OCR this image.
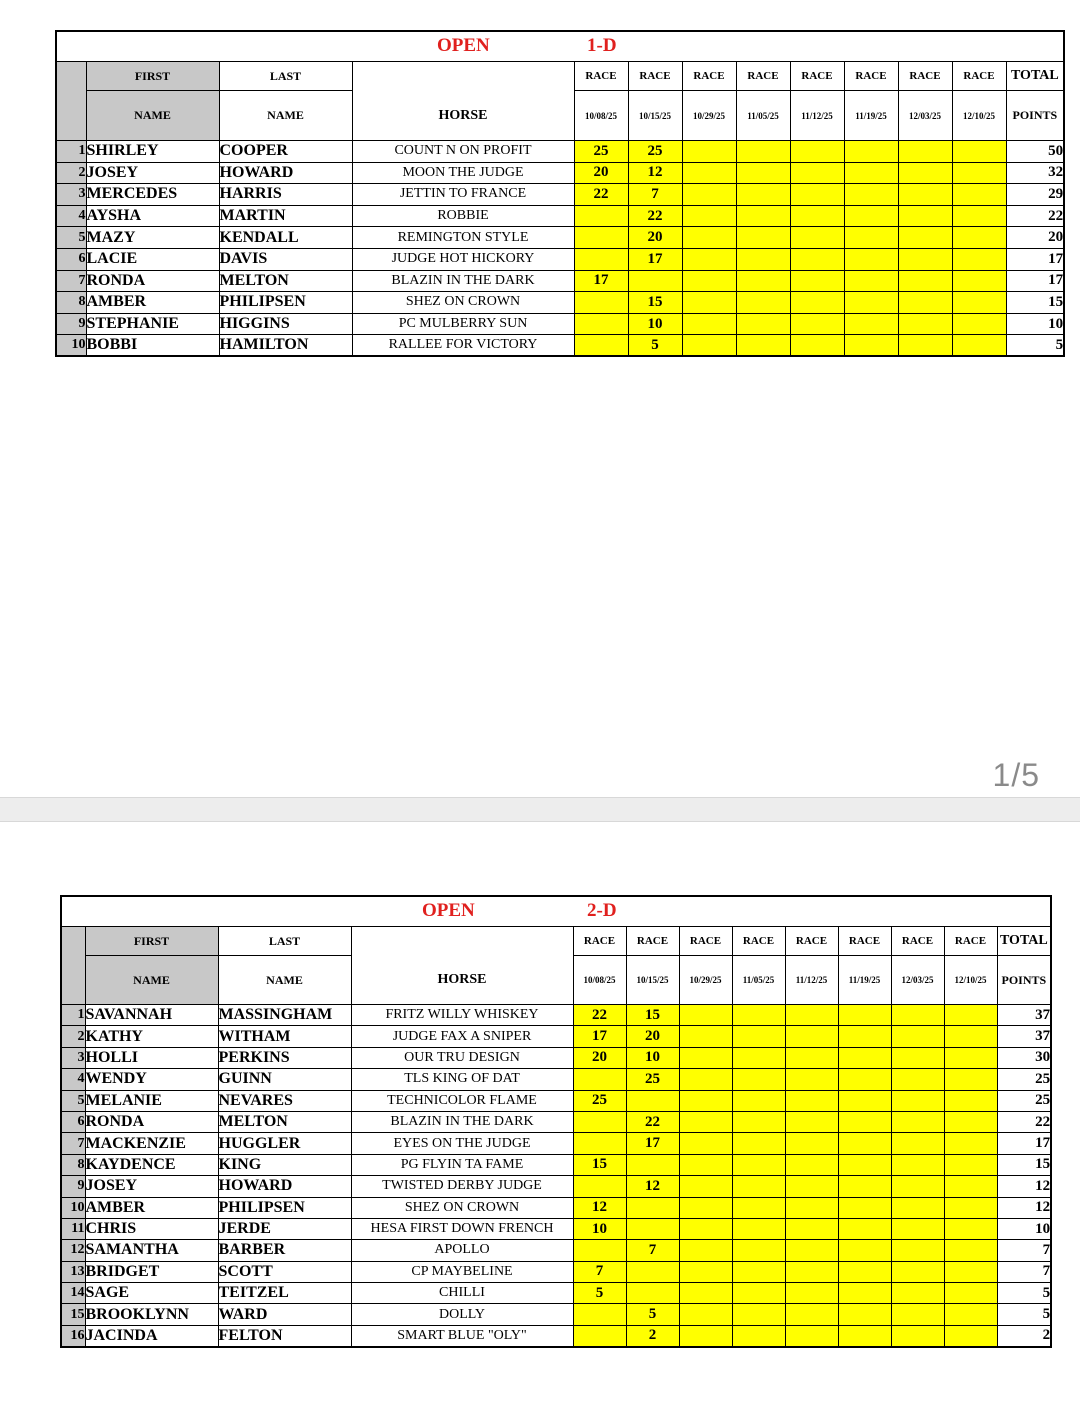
OPEN 1-D												

	FIRST	LAST	HORSE	RACE	RACE	RACE	RACE	RACE	RACE	RACE	RACE	TOTAL
	NAME	NAME		10/08/25	10/15/25	10/29/25	11/05/25	11/12/25	11/19/25	12/03/25	12/10/25	POINTS
1	SHIRLEY	COOPER	COUNT N ON PROFIT	25	25							50
2	JOSEY	HOWARD	MOON THE JUDGE	20	12							32
3	MERCEDES	HARRIS	JETTIN TO FRANCE	22	7							29
4	AYSHA	MARTIN	ROBBIE		22							22
5	MAZY	KENDALL	REMINGTON STYLE		20							20
6	LACIE	DAVIS	JUDGE HOT HICKORY		17							17
7	RONDA	MELTON	BLAZIN IN THE DARK	17								17
8	AMBER	PHILIPSEN	SHEZ ON CROWN		15							15
9	STEPHANIE	HIGGINS	PC MULBERRY SUN		10							10
10	BOBBI	HAMILTON	RALLEE FOR VICTORY		5							5
1/5
OPEN 2-D												

	FIRST	LAST	HORSE	RACE	RACE	RACE	RACE	RACE	RACE	RACE	RACE	TOTAL
	NAME	NAME		10/08/25	10/15/25	10/29/25	11/05/25	11/12/25	11/19/25	12/03/25	12/10/25	POINTS
1	SAVANNAH	MASSINGHAM	FRITZ WILLY WHISKEY	22	15							37
2	KATHY	WITHAM	JUDGE FAX A SNIPER	17	20							37
3	HOLLI	PERKINS	OUR TRU DESIGN	20	10							30
4	WENDY	GUINN	TLS KING OF DAT		25							25
5	MELANIE	NEVARES	TECHNICOLOR FLAME	25								25
6	RONDA	MELTON	BLAZIN IN THE DARK		22							22
7	MACKENZIE	HUGGLER	EYES ON THE JUDGE		17							17
8	KAYDENCE	KING	PG FLYIN TA FAME	15								15
9	JOSEY	HOWARD	TWISTED DERBY JUDGE		12							12
10	AMBER	PHILIPSEN	SHEZ ON CROWN	12								12
11	CHRIS	JERDE	HESA FIRST DOWN FRENCH	10								10
12	SAMANTHA	BARBER	APOLLO		7							7
13	BRIDGET	SCOTT	CP MAYBELINE	7								7
14	SAGE	TEITZEL	CHILLI	5								5
15	BROOKLYNN	WARD	DOLLY		5							5
16	JACINDA	FELTON	SMART BLUE "OLY"		2							2
